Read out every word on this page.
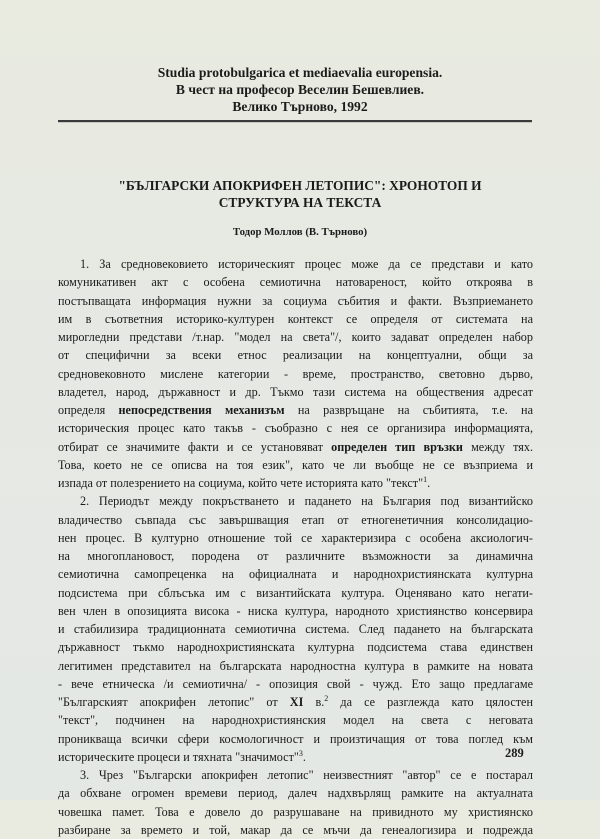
Studia protobulgarica et mediaevalia europensia.
В чест на професор Веселин Бешевлиев.
Велико Търново, 1992
"БЪЛГАРСКИ АПОКРИФЕН ЛЕТОПИС": ХРОНОТОП И
СТРУКТУРА НА ТЕКСТА
Тодор Моллов (В. Търново)
1. За средновековието историческият процес може да се представи и като
комуникативен акт с особена семиотична натовареност, който откроява в
постъпващата информация нужни за социума събития и факти. Възприемането
им в съответния историко-културен контекст се определя от системата на
мирогледни представи /т.нар. "модел на света"/, които задават определен набор
от специфични за всеки етнос реализации на концептуални, общи за
средновековното мислене категории - време, пространство, световно дърво,
владетел, народ, държавност и др. Тъкмо тази система на обществения адресат
определя непосредствения механизъм на развръщане на събитията, т.е. на
историческия процес като такъв - съобразно с нея се организира информацията,
отбират се значимите факти и се установяват определен тип връзки между тях.
Това, което не се описва на тоя език", като че ли въобще не се възприема и
изпада от полезрението на социума, който чете историята като "текст"$^1$.
2. Периодът между покръстването и падането на България под византийско
владичество съвпада със завършващия етап от етногенетичния консолидацио-
нен процес. В културно отношение той се характеризира с особена аксиологич-
на многоплановост, породена от различните възможности за динамична
семиотична самопреценка на официалната и народнохристиянската културна
подсистема при сблъсъка им с византийската култура. Оценявано като негати-
вен член в опозицията висока - ниска култура, народното християнство консервира
и стабилизира традиционната семиотична система. След падането на българската
държавност тъкмо народнохристиянската културна подсистема става единствен
легитимен представител на българската народностна култура в рамките на новата
- вече етническа /и семиотична/ - опозиция свой - чужд. Ето защо предлагаме
"Българският апокрифен летопис" от XI в.$^2$ да се разглежда като цялостен
"текст", подчинен на народнохристиянския модел на света с неговата
проникваща всички сфери космологичност и произтичащия от това поглед към
историческите процеси и тяхната "значимост"$^3$.
3. Чрез "Български апокрифен летопис" неизвестният "автор" се е постарал
да обхване огромен времеви период, далеч надхвърлящ рамките на актуалната
човешка памет. Това е довело до разрушаване на привидното му християнско
разбиране за времето и той, макар да се мъчи да генеалогизира и подрежда
289
